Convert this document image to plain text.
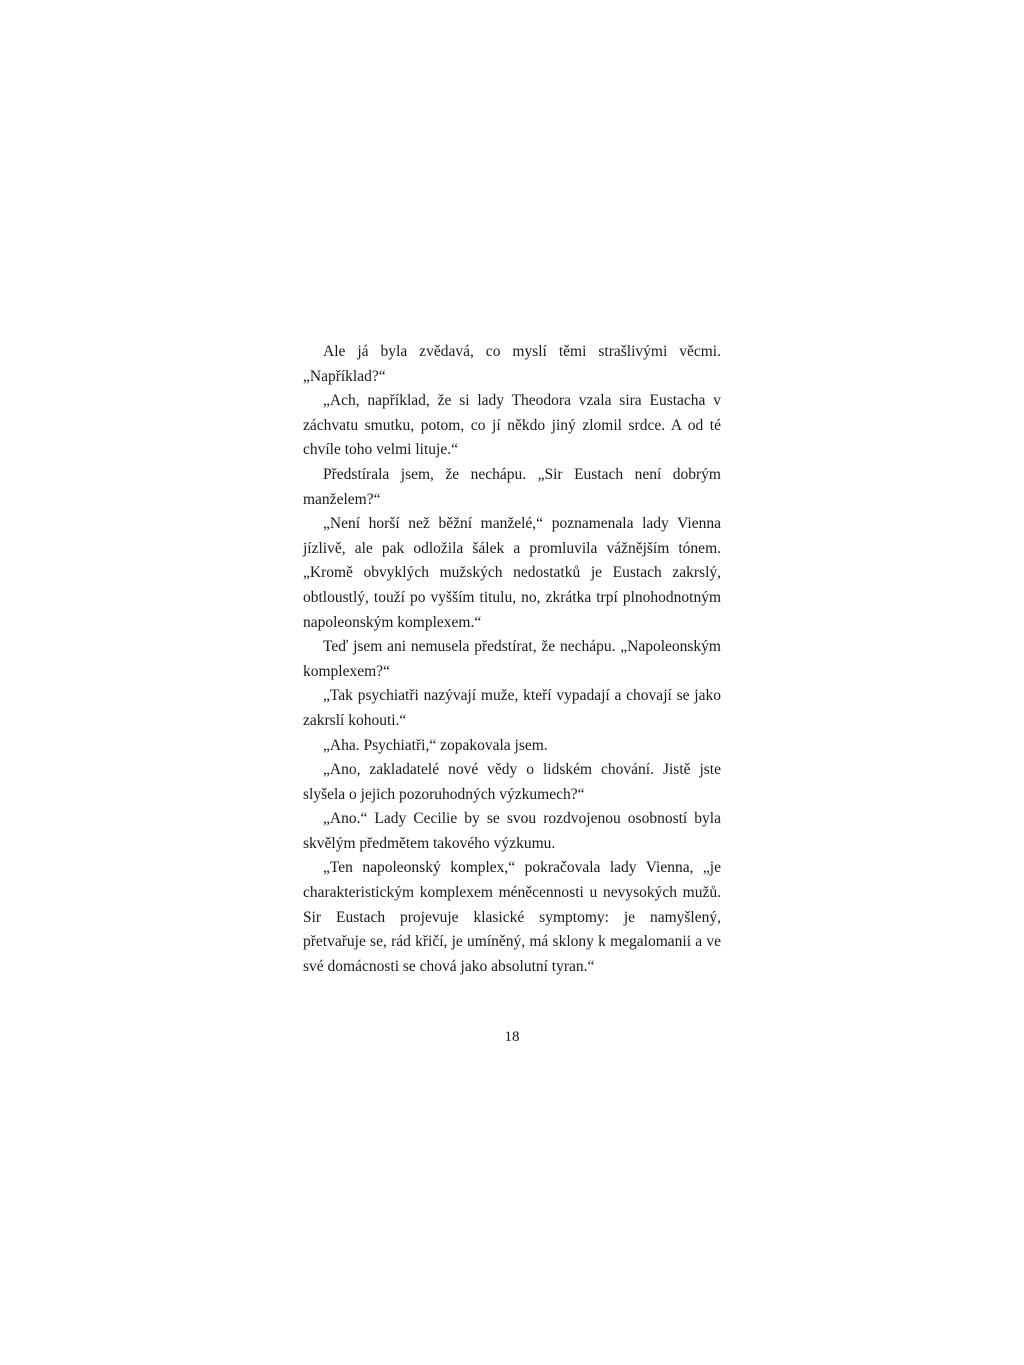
Ale já byla zvědavá, co myslí těmi strašlivými věcmi. „Například?“

„Ach, například, že si lady Theodora vzala sira Eustacha v záchvatu smutku, potom, co jí někdo jiný zlomil srdce. A od té chvíle toho velmi lituje.“

Předstírala jsem, že nechápu. „Sir Eustach není dobrým manželem?“

„Není horší než běžní manželé,“ poznamenala lady Vienna jízlivě, ale pak odložila šálek a promluvila vážnějším tónem. „Kromě obvyklých mužských nedostatků je Eustach zakrslý, obtloustlý, touží po vyšším titulu, no, zkrátka trpí plnohodnotným napoleonským komplexem.“

Teď jsem ani nemusela předstírat, že nechápu. „Napoleonským komplexem?“

„Tak psychiatři nazývají muže, kteří vypadají a chovají se jako zakrslí kohouti.“

„Aha. Psychiatři,“ zopakovala jsem.

„Ano, zakladatelé nové vědy o lidském chování. Jistě jste slyšela o jejich pozoruhodných výzkumech?“

„Ano.“ Lady Cecilie by se svou rozdvojenou osobností byla skvělým předmětem takového výzkumu.

„Ten napoleonský komplex,“ pokračovala lady Vienna, „je charakteristickým komplexem méněcennosti u nevysokých mužů. Sir Eustach projevuje klasické symptomy: je namyšlený, přetvařuje se, rád křičí, je umíněný, má sklony k megalomanii a ve své domácnosti se chová jako absolutní tyran.“

18
